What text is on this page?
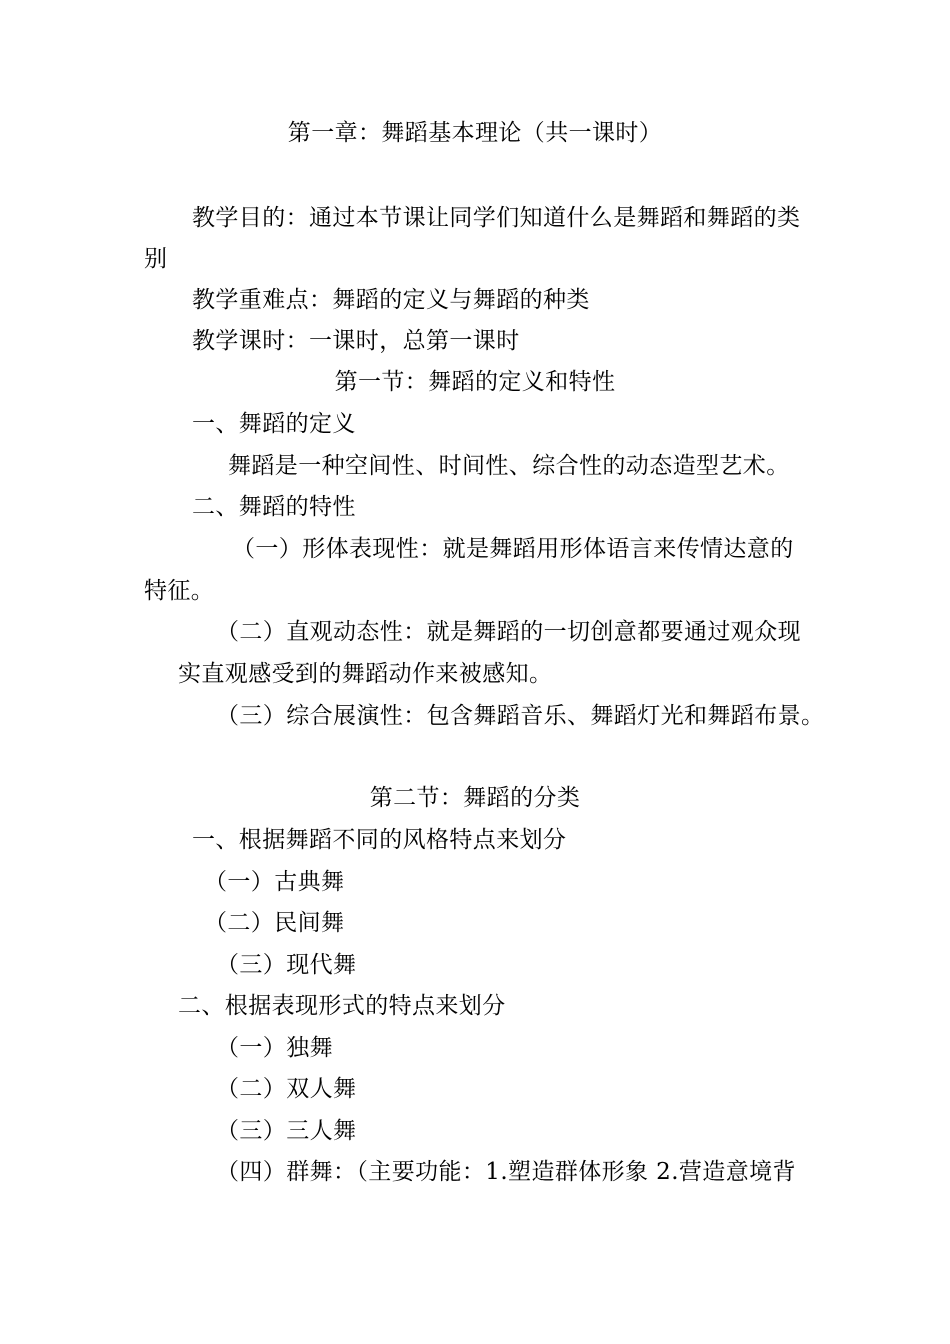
第一章：舞蹈基本理论（共一课时）
教学目的：通过本节课让同学们知道什么是舞蹈和舞蹈的类
别
教学重难点：舞蹈的定义与舞蹈的种类
教学课时：一课时，总第一课时
第一节：舞蹈的定义和特性
一、舞蹈的定义
舞蹈是一种空间性、时间性、综合性的动态造型艺术。
二、舞蹈的特性
（一）形体表现性：就是舞蹈用形体语言来传情达意的
特征。
（二）直观动态性：就是舞蹈的一切创意都要通过观众现
实直观感受到的舞蹈动作来被感知。
（三）综合展演性：包含舞蹈音乐、舞蹈灯光和舞蹈布景。
第二节：舞蹈的分类
一、根据舞蹈不同的风格特点来划分
（一）古典舞
（二）民间舞
（三）现代舞
二、根据表现形式的特点来划分
（一）独舞
（二）双人舞
（三）三人舞
（四）群舞：（主要功能：1.塑造群体形象 2.营造意境背
